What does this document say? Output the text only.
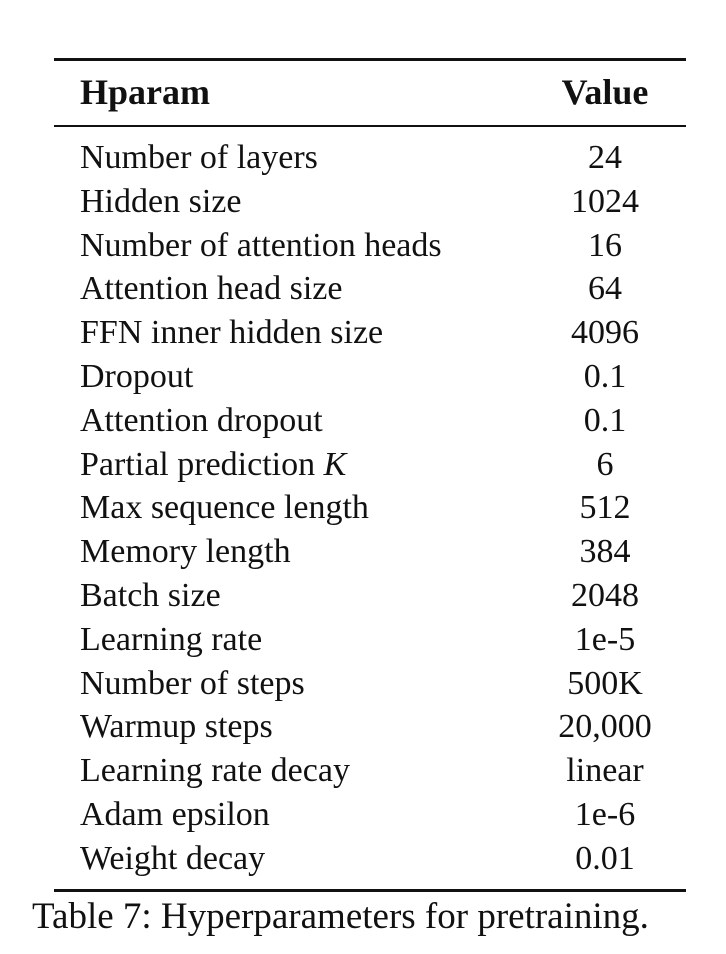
Hparam	Value
Number of layers	24
Hidden size	1024
Number of attention heads	16
Attention head size	64
FFN inner hidden size	4096
Dropout	0.1
Attention dropout	0.1
Partial prediction K	6
Max sequence length	512
Memory length	384
Batch size	2048
Learning rate	1e-5
Number of steps	500K
Warmup steps	20,000
Learning rate decay	linear
Adam epsilon	1e-6
Weight decay	0.01
Table 7: Hyperparameters for pretraining.
